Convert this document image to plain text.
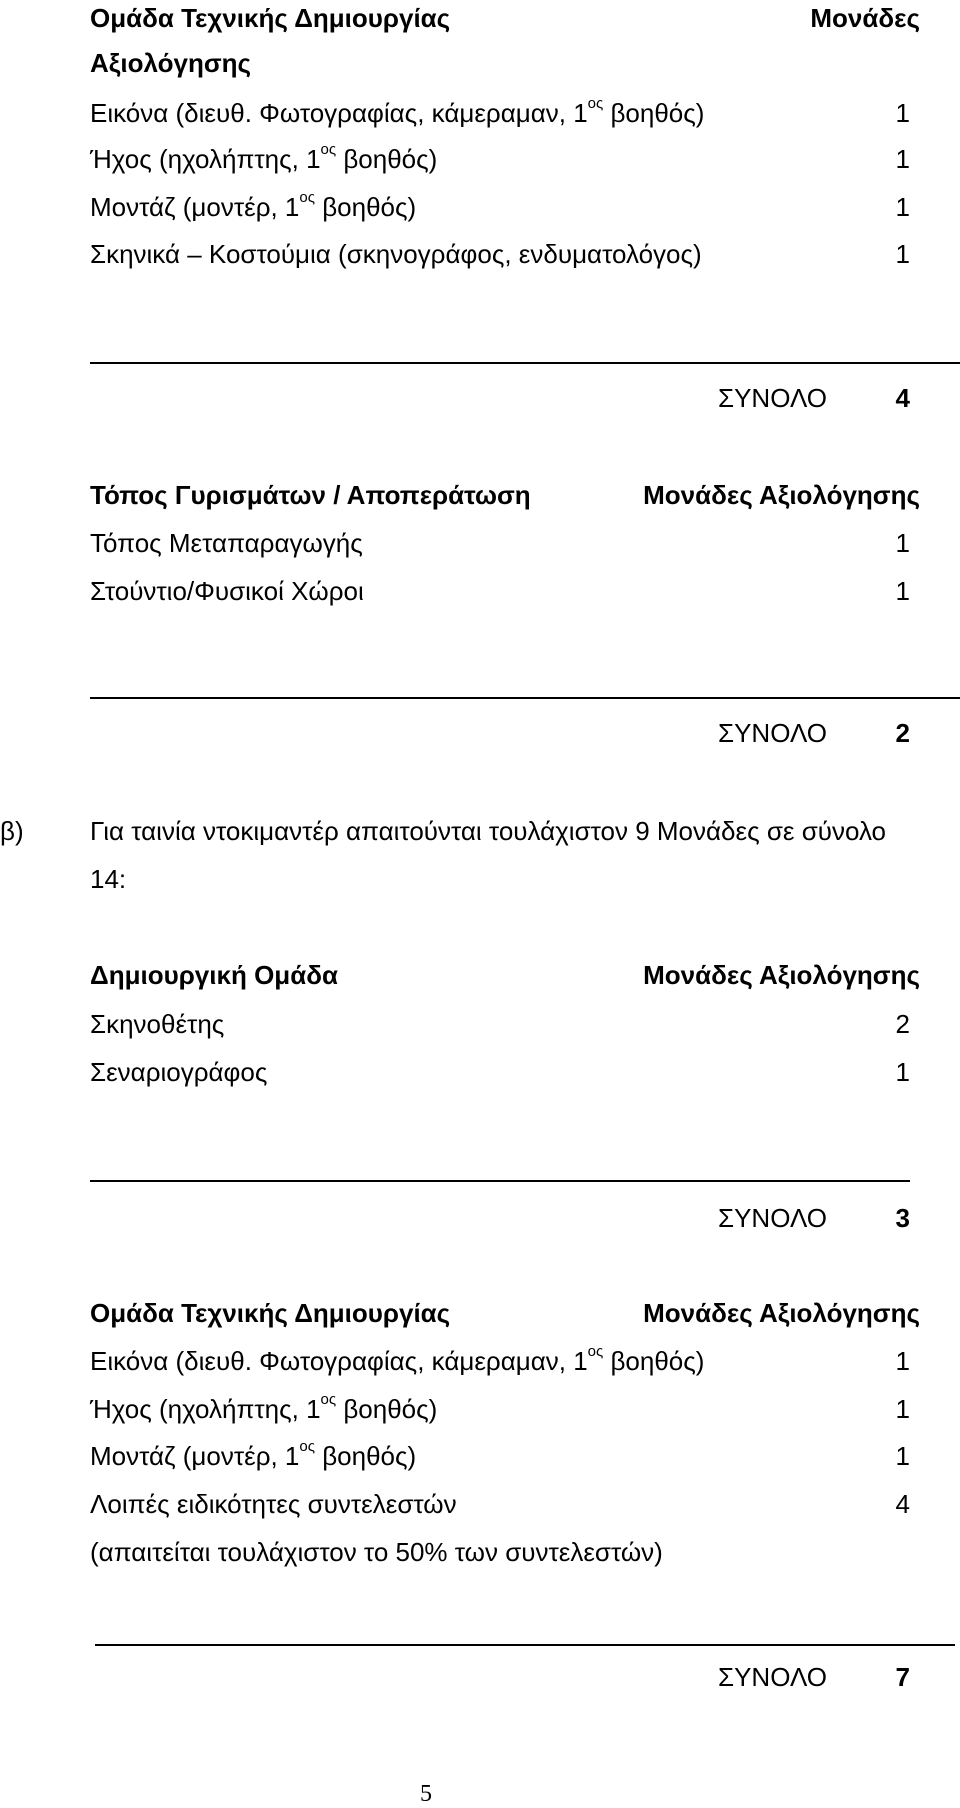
Ομάδα Τεχνικής Δημιουργίας	Μονάδες
Αξιολόγησης
Εικόνα (διευθ. Φωτογραφίας, κάμεραμαν, $1^{o\varsigma}$ βοηθός)	1
Ήχος (ηχολήπτης, $1^{o\varsigma}$ βοηθός)	1
Μοντάζ (μοντέρ, $1^{o\varsigma}$ βοηθός)	1
Σκηνικά – Κοστούμια (σκηνογράφος, ενδυματολόγος)	1
ΣΥΝΟΛΟ	4
Τόπος Γυρισμάτων / Αποπεράτωση	Μονάδες Αξιολόγησης
Τόπος Μεταπαραγωγής	1
Στούντιο/Φυσικοί Χώροι	1
ΣΥΝΟΛΟ	2
β)	Για ταινία ντοκιμαντέρ απαιτούνται τουλάχιστον 9 Μονάδες σε σύνολο
14:
Δημιουργική Ομάδα	Μονάδες Αξιολόγησης
Σκηνοθέτης	2
Σεναριογράφος	1
ΣΥΝΟΛΟ	3
Ομάδα Τεχνικής Δημιουργίας	Μονάδες Αξιολόγησης
Εικόνα (διευθ. Φωτογραφίας, κάμεραμαν, $1^{o\varsigma}$ βοηθός)	1
Ήχος (ηχολήπτης, $1^{o\varsigma}$ βοηθός)	1
Μοντάζ (μοντέρ, $1^{o\varsigma}$ βοηθός)	1
Λοιπές ειδικότητες συντελεστών	4
(απαιτείται τουλάχιστον το 50% των συντελεστών)
ΣΥΝΟΛΟ	7
5
